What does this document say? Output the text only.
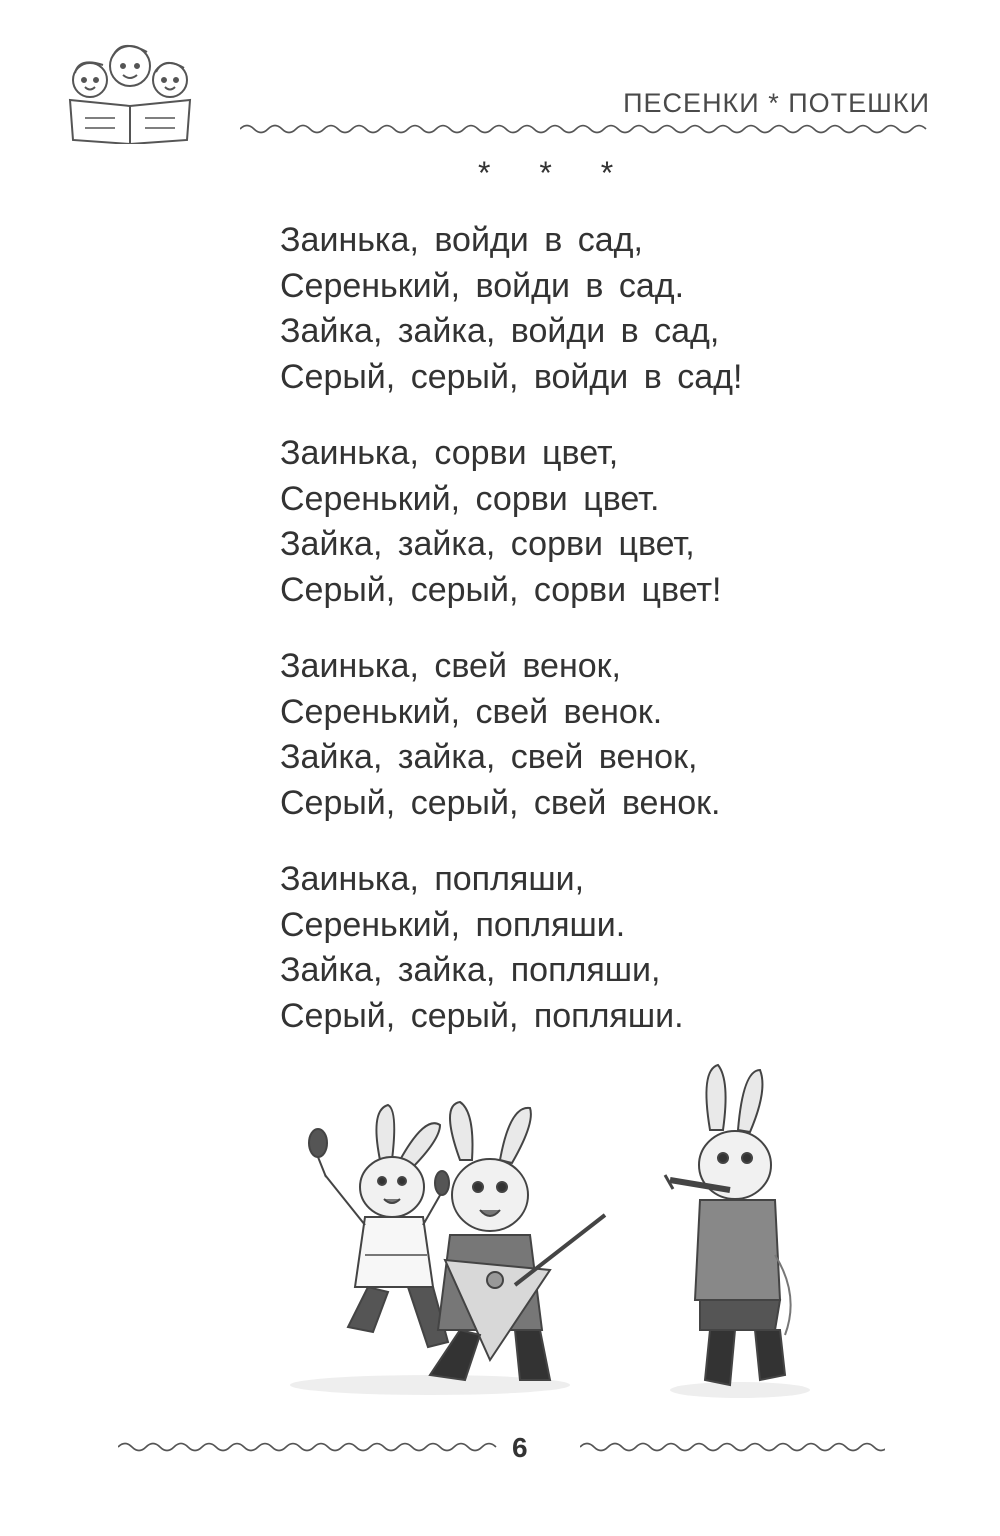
ПЕСЕНКИ * ПОТЕШКИ
* * *
Заинька, войди в сад,
Серенький, войди в сад.
Зайка, зайка, войди в сад,
Серый, серый, войди в сад!
Заинька, сорви цвет,
Серенький, сорви цвет.
Зайка, зайка, сорви цвет,
Серый, серый, сорви цвет!
Заинька, свей венок,
Серенький, свей венок.
Зайка, зайка, свей венок,
Серый, серый, свей венок.
Заинька, попляши,
Серенький, попляши.
Зайка, зайка, попляши,
Серый, серый, попляши.
6
